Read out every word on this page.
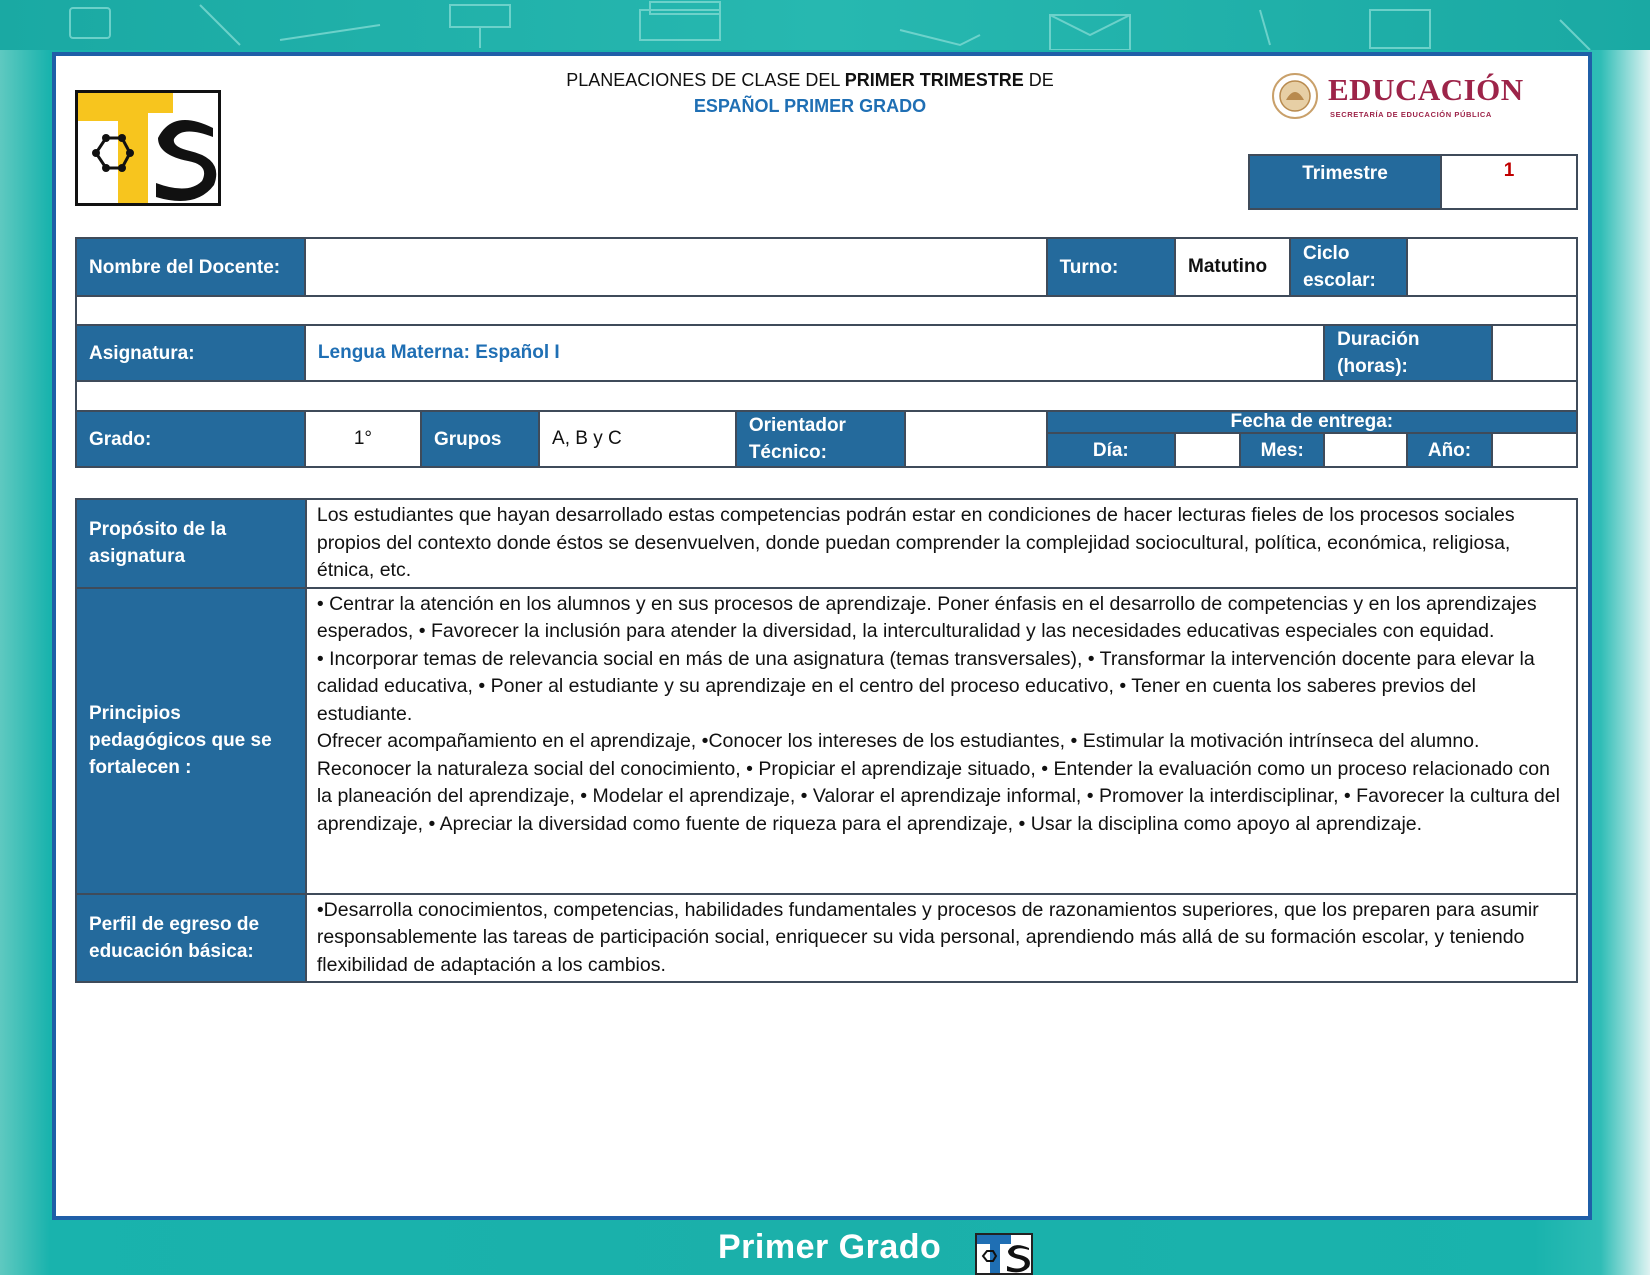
PLANEACIONES DE CLASE DEL PRIMER TRIMESTRE DE
ESPAÑOL PRIMER GRADO	EDUCACIÓN
SECRETARÍA DE EDUCACIÓN PÚBLICA
Trimestre	1
Nombre del Docente:						Turno:	Matutino		Ciclo escolar:			

Asignatura:	Lengua Materna: Español I									Duración (horas):		

Grado:	1°	Grupos	A, B y C	Orientador Técnico:		Fecha de entrega:						
						Día:		Mes:			Año:	
Propósito de la asignatura	Los estudiantes que hayan desarrollado estas competencias podrán estar en condiciones de hacer lecturas fieles de los procesos sociales propios del contexto donde éstos se desenvuelven, donde puedan comprender la complejidad sociocultural, política, económica, religiosa, étnica, etc.
Principios pedagógicos que se fortalecen :	• Centrar la atención en los alumnos y en sus procesos de aprendizaje. Poner énfasis en el desarrollo de competencias y en los aprendizajes esperados, • Favorecer la inclusión para atender la diversidad, la interculturalidad y las necesidades educativas especiales con equidad.
• Incorporar temas de relevancia social en más de una asignatura (temas transversales), • Transformar la intervención docente para elevar la calidad educativa, • Poner al estudiante y su aprendizaje en el centro del proceso educativo, • Tener en cuenta los saberes previos del estudiante.
Ofrecer acompañamiento en el aprendizaje, •Conocer los intereses de los estudiantes, • Estimular la motivación intrínseca del alumno. Reconocer la naturaleza social del conocimiento, • Propiciar el aprendizaje situado, • Entender la evaluación como un proceso relacionado con la planeación del aprendizaje, • Modelar el aprendizaje, • Valorar el aprendizaje informal, • Promover la interdisciplinar, • Favorecer la cultura del aprendizaje, • Apreciar la diversidad como fuente de riqueza para el aprendizaje, • Usar la disciplina como apoyo al aprendizaje.

Perfil de egreso de educación básica:	•Desarrolla conocimientos, competencias, habilidades fundamentales y procesos de razonamientos superiores, que los preparen para asumir responsablemente las tareas de participación social, enriquecer su vida personal, aprendiendo más allá de su formación escolar, y teniendo flexibilidad de adaptación a los cambios.
Primer Grado
